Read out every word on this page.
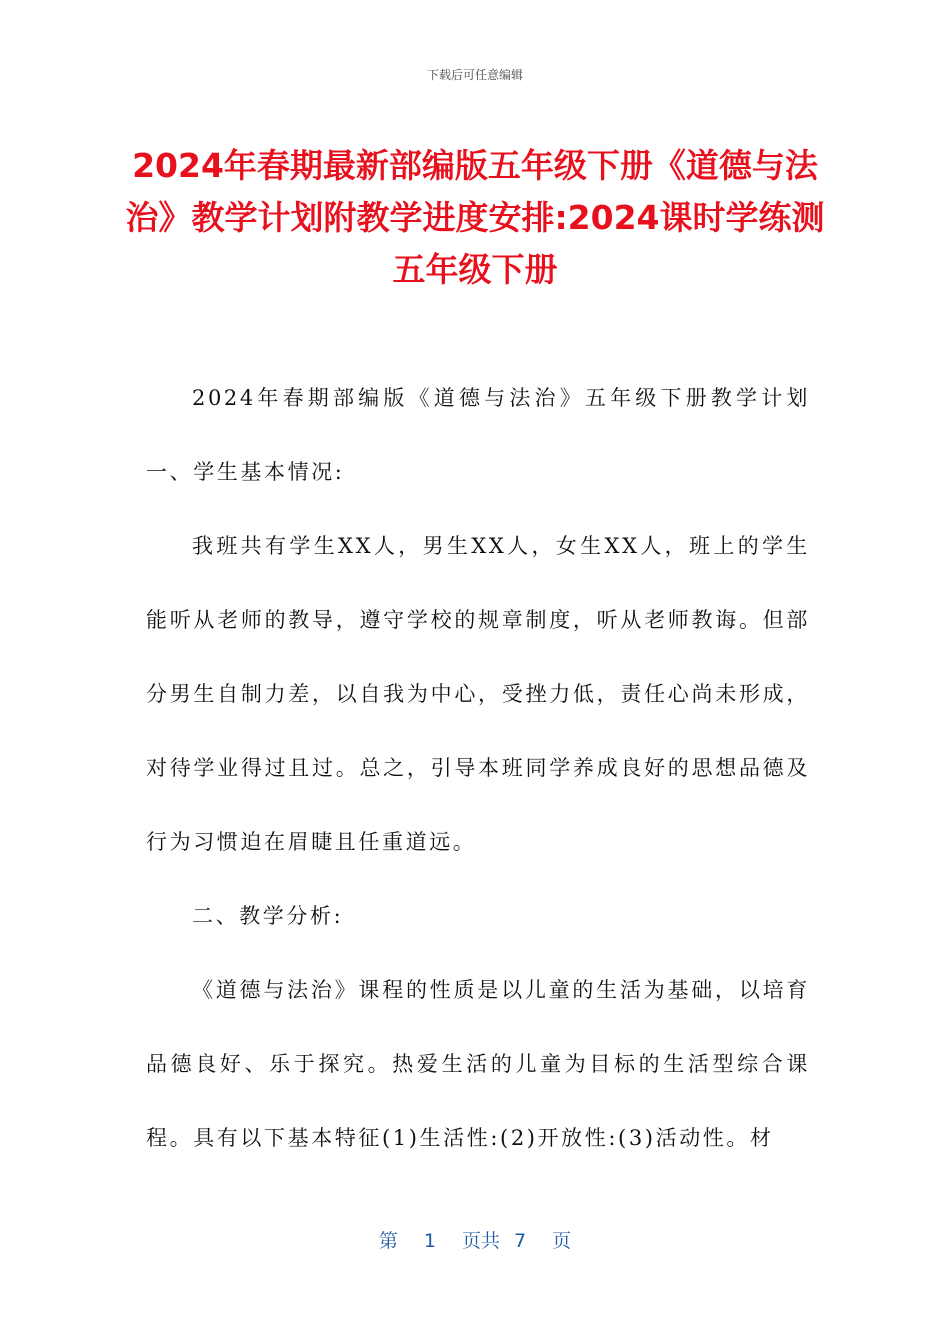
下载后可任意编辑
2024年春期最新部编版五年级下册《道德与法治》教学计划附教学进度安排:2024课时学练测五年级下册

2024年春期部编版《道德与法治》五年级下册教学计划一、学生基本情况:

我班共有学生XX人，男生XX人，女生XX人，班上的学生能听从老师的教导，遵守学校的规章制度，听从老师教诲。但部分男生自制力差，以自我为中心，受挫力低，责任心尚未形成，对待学业得过且过。总之，引导本班同学养成良好的思想品德及行为习惯迫在眉睫且任重道远。

二、教学分析:

《道德与法治》课程的性质是以儿童的生活为基础，以培育品德良好、乐于探究。热爱生活的儿童为目标的生活型综合课程。具有以下基本特征(1)生活性:(2)开放性:(3)活动性。材

第 1 页共 7 页
